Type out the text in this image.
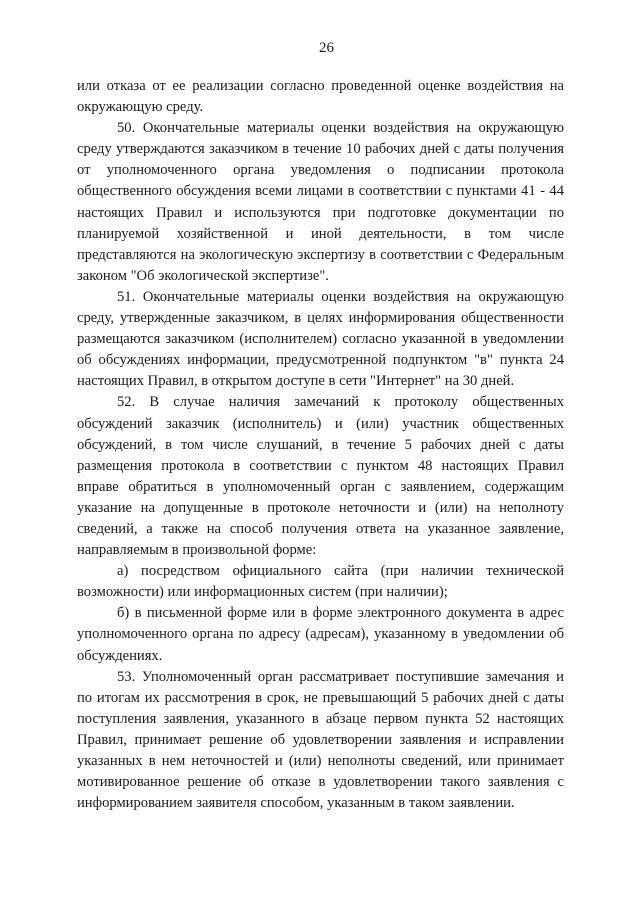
26

или отказа от ее реализации согласно проведенной оценке воздействия на окружающую среду.

50. Окончательные материалы оценки воздействия на окружающую среду утверждаются заказчиком в течение 10 рабочих дней с даты получения от уполномоченного органа уведомления о подписании протокола общественного обсуждения всеми лицами в соответствии с пунктами 41 - 44 настоящих Правил и используются при подготовке документации по планируемой хозяйственной и иной деятельности, в том числе представляются на экологическую экспертизу в соответствии с Федеральным законом "Об экологической экспертизе".

51. Окончательные материалы оценки воздействия на окружающую среду, утвержденные заказчиком, в целях информирования общественности размещаются заказчиком (исполнителем) согласно указанной в уведомлении об обсуждениях информации, предусмотренной подпунктом "в" пункта 24 настоящих Правил, в открытом доступе в сети "Интернет" на 30 дней.

52. В случае наличия замечаний к протоколу общественных обсуждений заказчик (исполнитель) и (или) участник общественных обсуждений, в том числе слушаний, в течение 5 рабочих дней с даты размещения протокола в соответствии с пунктом 48 настоящих Правил вправе обратиться в уполномоченный орган с заявлением, содержащим указание на допущенные в протоколе неточности и (или) на неполноту сведений, а также на способ получения ответа на указанное заявление, направляемым в произвольной форме:

а) посредством официального сайта (при наличии технической возможности) или информационных систем (при наличии);

б) в письменной форме или в форме электронного документа в адрес уполномоченного органа по адресу (адресам), указанному в уведомлении об обсуждениях.

53. Уполномоченный орган рассматривает поступившие замечания и по итогам их рассмотрения в срок, не превышающий 5 рабочих дней с даты поступления заявления, указанного в абзаце первом пункта 52 настоящих Правил, принимает решение об удовлетворении заявления и исправлении указанных в нем неточностей и (или) неполноты сведений, или принимает мотивированное решение об отказе в удовлетворении такого заявления с информированием заявителя способом, указанным в таком заявлении.
